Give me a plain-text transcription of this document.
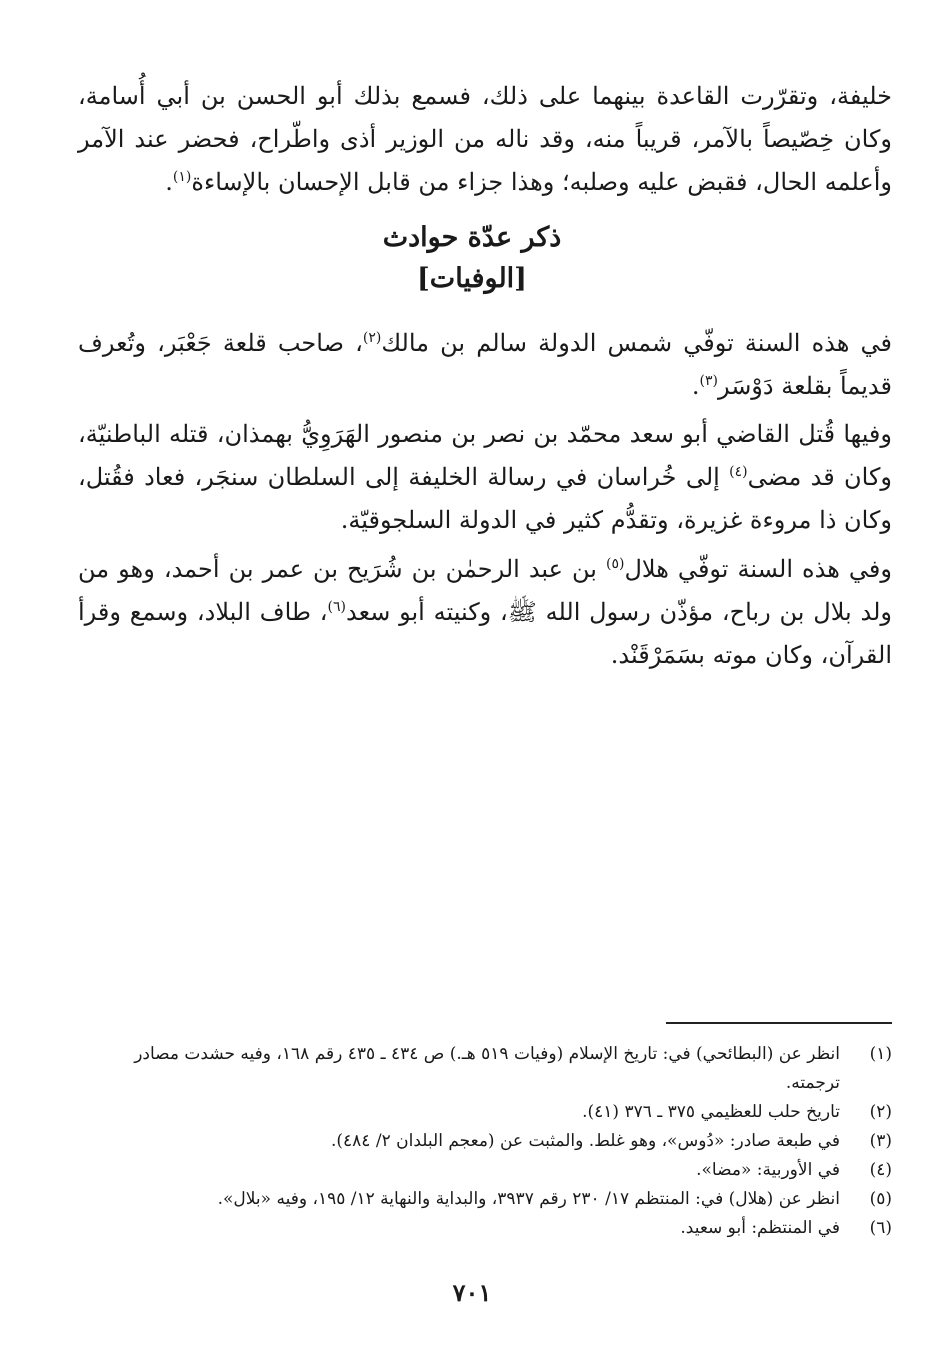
خليفة، وتقرّرت القاعدة بينهما على ذلك، فسمع بذلك أبو الحسن بن أبي أُسامة، وكان خِصّيصاً بالآمر، قريباً منه، وقد ناله من الوزير أذى واطّراح، فحضر عند الآمر وأعلمه الحال، فقبض عليه وصلبه؛ وهذا جزاء من قابل الإحسان بالإساءة$^{(١)}$.

ذكر عدّة حوادث
[الوفيات]

في هذه السنة توفّي شمس الدولة سالم بن مالك$^{(٢)}$، صاحب قلعة جَعْبَر، وتُعرف قديماً بقلعة دَوْسَر$^{(٣)}$.

وفيها قُتل القاضي أبو سعد محمّد بن نصر بن منصور الهَرَوِيُّ بهمذان، قتله الباطنيّة، وكان قد مضى$^{(٤)}$ إلى خُراسان في رسالة الخليفة إلى السلطان سنجَر، فعاد فقُتل، وكان ذا مروءة غزيرة، وتقدُّم كثير في الدولة السلجوقيّة.

وفي هذه السنة توفّي هلال$^{(٥)}$ بن عبد الرحمٰن بن شُرَيح بن عمر بن أحمد، وهو من ولد بلال بن رباح، مؤذّن رسول الله ﷺ، وكنيته أبو سعد$^{(٦)}$، طاف البلاد، وسمع وقرأ القرآن، وكان موته بسَمَرْقَنْد.

(١)
انظر عن (البطائحي) في: تاريخ الإسلام (وفيات ٥١٩ هـ.) ص ٤٣٤ ـ ٤٣٥ رقم ١٦٨، وفيه حشدت مصادر ترجمته.
(٢)
تاريخ حلب للعظيمي ٣٧٥ ـ ٣٧٦ (٤١).
(٣)
في طبعة صادر: «دُوس»، وهو غلط. والمثبت عن (معجم البلدان ٢/ ٤٨٤).
(٤)
في الأوربية: «مضا».
(٥)
انظر عن (هلال) في: المنتظم ١٧/ ٢٣٠ رقم ٣٩٣٧، والبداية والنهاية ١٢/ ١٩٥، وفيه «بلال».
(٦)
في المنتظم: أبو سعيد.
٧٠١
